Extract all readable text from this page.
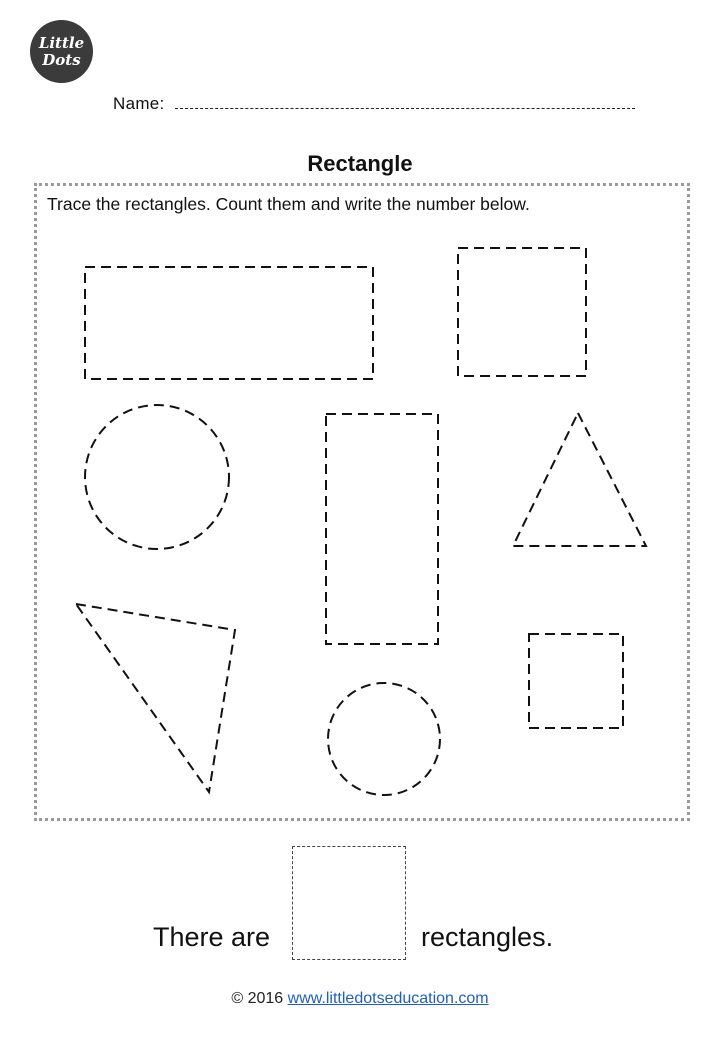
Little
Dots
Name:
Rectangle
Trace the rectangles. Count them and write the number below.
There are	rectangles.
© 2016 www.littledotseducation.com
